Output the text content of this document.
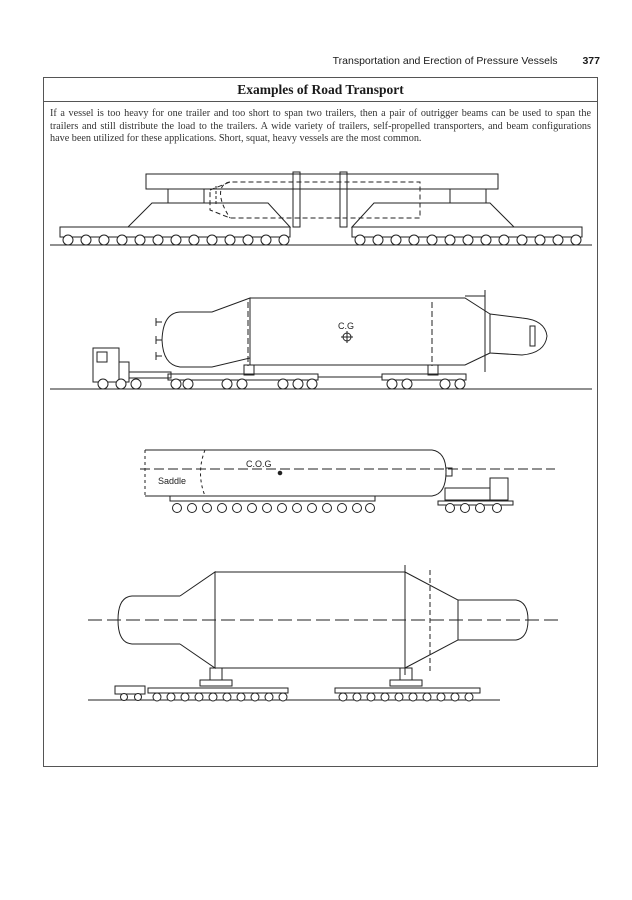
Transportation and Erection of Pressure Vessels 377
Examples of Road Transport
If a vessel is too heavy for one trailer and too short to span two trailers, then a pair of outrigger beams can be used to span the trailers and still distribute the load to the trailers. A wide variety of trailers, self-propelled transporters, and beam configurations have been utilized for these applications. Short, squat, heavy vessels are the most common.
C.G
C.O.G
Saddle
